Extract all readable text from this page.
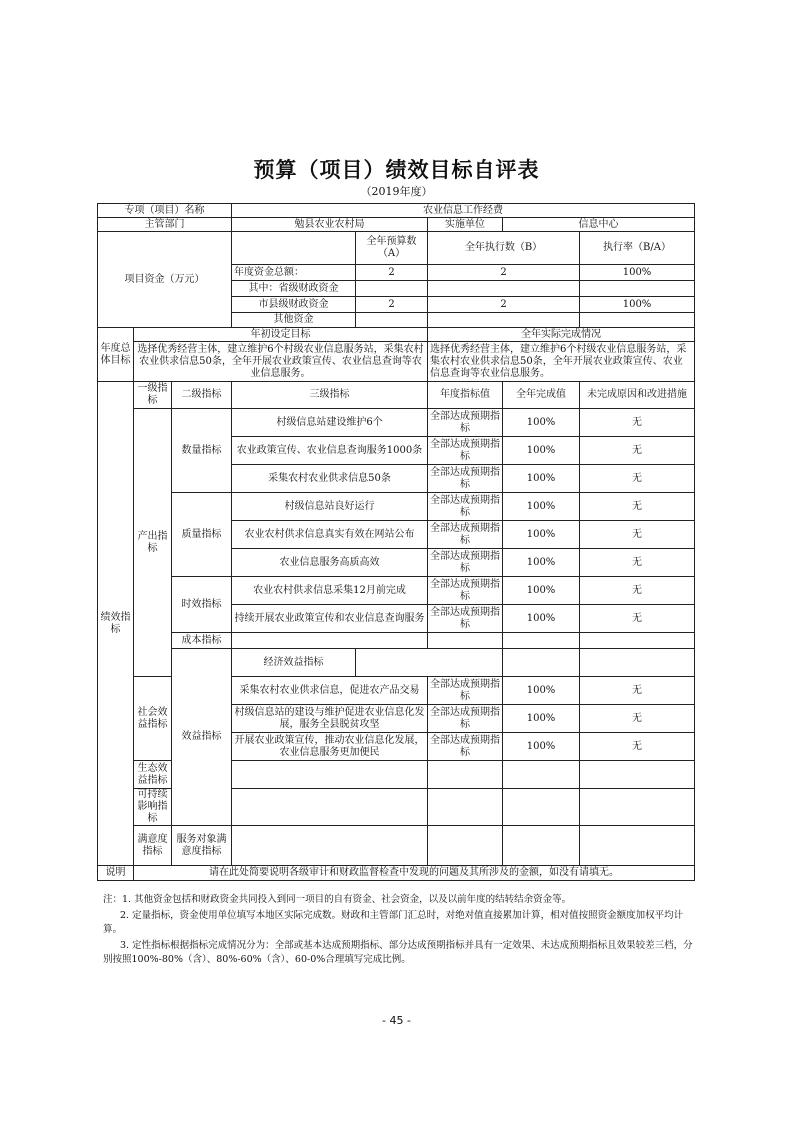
预算（项目）绩效目标自评表
（2019年度）
专项（项目）名称			农业信息工作经费					
主管部门			勉县农业农村局		实施单位	信息中心		
项目资金（万元）				全年预算数（A）	全年执行数（B）		执行率（B/A）	
			年度资金总额：	2	2		100%	
			其中：省级财政资金					
			市县级财政资金	2	2		100%	
			其他资金					
年度总体目标	年初设定目标				全年实际完成情况			
	选择优秀经营主体，建立维护6个村级农业信息服务站，采集农村农业供求信息50条，全年开展农业政策宣传、农业信息查询等农业信息服务。				选择优秀经营主体，建立维护6个村级农业信息服务站，采集农村农业供求信息50条，全年开展农业政策宣传、农业信息查询等农业信息服务。			
绩效指标	一级指标	二级指标	三级指标		年度指标值	全年完成值	未完成原因和改进措施	
	产出指标	数量指标	村级信息站建设维护6个		全部达成预期指标	100%	无	
			农业政策宣传、农业信息查询服务1000条		全部达成预期指标	100%	无	
			采集农村农业供求信息50条		全部达成预期指标	100%	无	
		质量指标	村级信息站良好运行		全部达成预期指标	100%	无	
			农业农村供求信息真实有效在网站公布		全部达成预期指标	100%	无	
			农业信息服务高质高效		全部达成预期指标	100%	无	
		时效指标	农业农村供求信息采集12月前完成		全部达成预期指标	100%	无	
			持续开展农业政策宣传和农业信息查询服务		全部达成预期指标	100%	无	
		成本指标						
		效益指标	经济效益指标					
	社会效益指标		采集农村农业供求信息，促进农产品交易		全部达成预期指标	100%	无	
			村级信息站的建设与维护促进农业信息化发展，服务全县脱贫攻坚		全部达成预期指标	100%	无	
			开展农业政策宣传，推动农业信息化发展，农业信息服务更加便民		全部达成预期指标	100%	无	
	生态效益指标							
	可持续影响指标							
	满意度指标	服务对象满意度指标						
说明	请在此处简要说明各级审计和财政监督检查中发现的问题及其所涉及的金额，如没有请填无。							

注：1. 其他资金包括和财政资金共同投入到同一项目的自有资金、社会资金，以及以前年度的结转结余资金等。

2. 定量指标，资金使用单位填写本地区实际完成数。财政和主管部门汇总时，对绝对值直接累加计算，相对值按照资金额度加权平均计算。

3. 定性指标根据指标完成情况分为：全部或基本达成预期指标、部分达成预期指标并具有一定效果、未达成预期指标且效果较差三档，分别按照100%-80%（含）、80%-60%（含）、60-0%合理填写完成比例。

- 45 -
